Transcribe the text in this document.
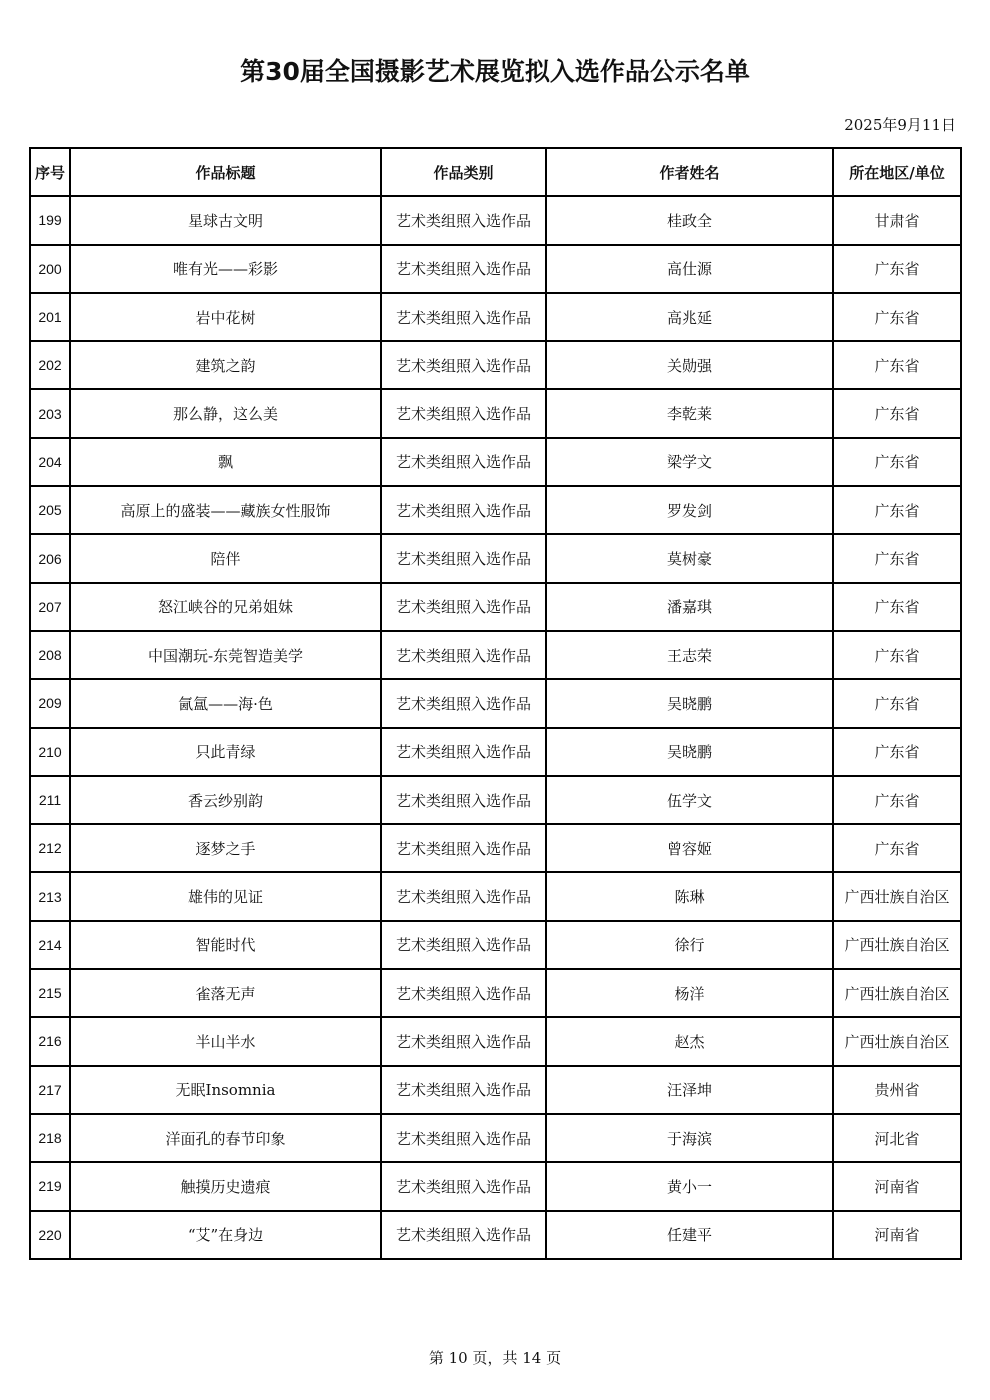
第30届全国摄影艺术展览拟入选作品公示名单
2025年9月11日
序号	作品标题	作品类别	作者姓名	所在地区/单位
199	星球古文明	艺术类组照入选作品	桂政全	甘肃省
200	唯有光——彩影	艺术类组照入选作品	高仕源	广东省
201	岩中花树	艺术类组照入选作品	高兆延	广东省
202	建筑之韵	艺术类组照入选作品	关勋强	广东省
203	那么静，这么美	艺术类组照入选作品	李乾莱	广东省
204	飘	艺术类组照入选作品	梁学文	广东省
205	高原上的盛装——藏族女性服饰	艺术类组照入选作品	罗发剑	广东省
206	陪伴	艺术类组照入选作品	莫树豪	广东省
207	怒江峡谷的兄弟姐妹	艺术类组照入选作品	潘嘉琪	广东省
208	中国潮玩-东莞智造美学	艺术类组照入选作品	王志荣	广东省
209	氤氲——海·色	艺术类组照入选作品	吴晓鹏	广东省
210	只此青绿	艺术类组照入选作品	吴晓鹏	广东省
211	香云纱别韵	艺术类组照入选作品	伍学文	广东省
212	逐梦之手	艺术类组照入选作品	曾容姬	广东省
213	雄伟的见证	艺术类组照入选作品	陈琳	广西壮族自治区
214	智能时代	艺术类组照入选作品	徐行	广西壮族自治区
215	雀落无声	艺术类组照入选作品	杨洋	广西壮族自治区
216	半山半水	艺术类组照入选作品	赵杰	广西壮族自治区
217	无眠Insomnia	艺术类组照入选作品	汪泽坤	贵州省
218	洋面孔的春节印象	艺术类组照入选作品	于海滨	河北省
219	触摸历史遗痕	艺术类组照入选作品	黄小一	河南省
220	“艾”在身边	艺术类组照入选作品	任建平	河南省
第 10 页，共 14 页
